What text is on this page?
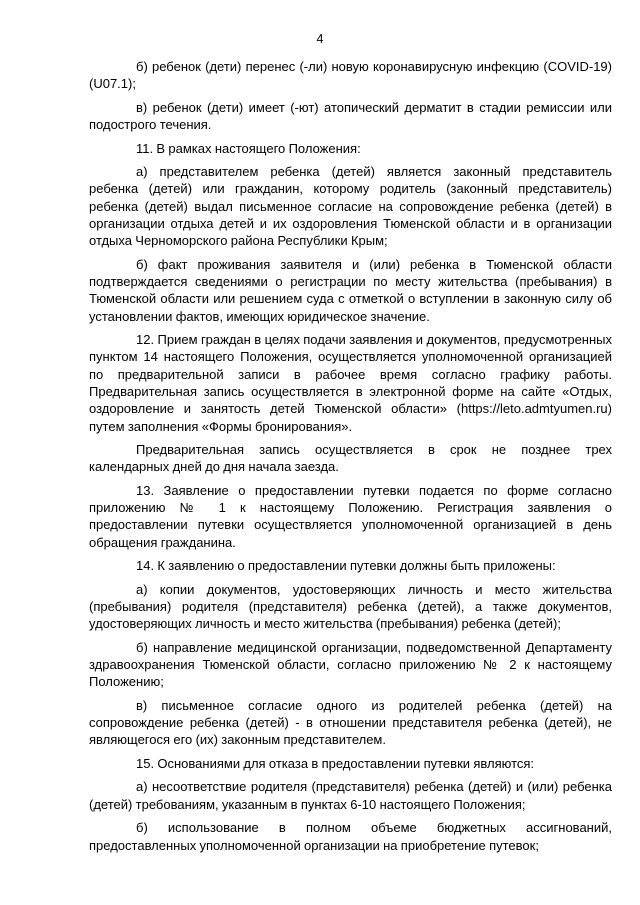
4

б) ребенок (дети) перенес (-ли) новую коронавирусную инфекцию (COVID-19) (U07.1);

в) ребенок (дети) имеет (-ют) атопический дерматит в стадии ремиссии или подострого течения.

11. В рамках настоящего Положения:

а) представителем ребенка (детей) является законный представитель ребенка (детей) или гражданин, которому родитель (законный представитель) ребенка (детей) выдал письменное согласие на сопровождение ребенка (детей) в организации отдыха детей и их оздоровления Тюменской области и в организации отдыха Черноморского района Республики Крым;

б) факт проживания заявителя и (или) ребенка в Тюменской области подтверждается сведениями о регистрации по месту жительства (пребывания) в Тюменской области или решением суда с отметкой о вступлении в законную силу об установлении фактов, имеющих юридическое значение.

12. Прием граждан в целях подачи заявления и документов, предусмотренных пунктом 14 настоящего Положения, осуществляется уполномоченной организацией по предварительной записи в рабочее время согласно графику работы. Предварительная запись осуществляется в электронной форме на сайте «Отдых, оздоровление и занятость детей Тюменской области» (https://leto.admtyumen.ru) путем заполнения «Формы бронирования».

Предварительная запись осуществляется в срок не позднее трех календарных дней до дня начала заезда.

13. Заявление о предоставлении путевки подается по форме согласно приложению № 1 к настоящему Положению. Регистрация заявления о предоставлении путевки осуществляется уполномоченной организацией в день обращения гражданина.

14. К заявлению о предоставлении путевки должны быть приложены:

а) копии документов, удостоверяющих личность и место жительства (пребывания) родителя (представителя) ребенка (детей), а также документов, удостоверяющих личность и место жительства (пребывания) ребенка (детей);

б) направление медицинской организации, подведомственной Департаменту здравоохранения Тюменской области, согласно приложению № 2 к настоящему Положению;

в) письменное согласие одного из родителей ребенка (детей) на сопровождение ребенка (детей) - в отношении представителя ребенка (детей), не являющегося его (их) законным представителем.

15. Основаниями для отказа в предоставлении путевки являются:

а) несоответствие родителя (представителя) ребенка (детей) и (или) ребенка (детей) требованиям, указанным в пунктах 6-10 настоящего Положения;

б) использование в полном объеме бюджетных ассигнований, предоставленных уполномоченной организации на приобретение путевок;
